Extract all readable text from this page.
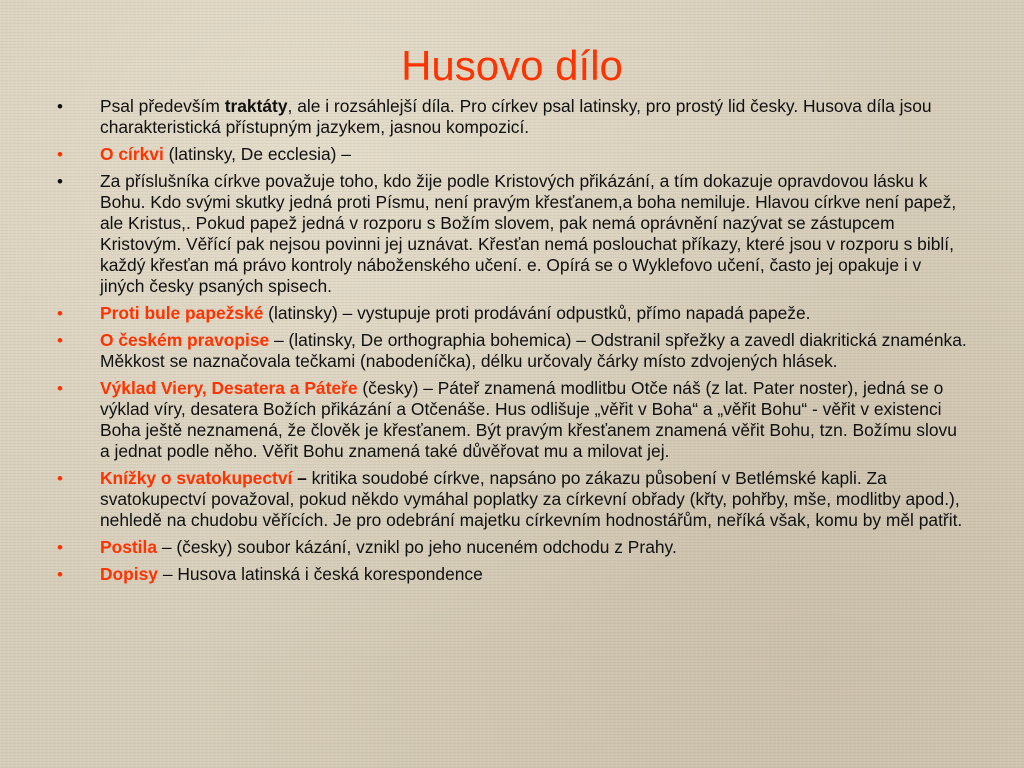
Husovo dílo
• Psal především traktáty, ale i rozsáhlejší díla. Pro církev psal latinsky, pro prostý lid česky. Husova díla jsou charakteristická přístupným jazykem, jasnou kompozicí.
• O církvi (latinsky, De ecclesia) –
• Za příslušníka církve považuje toho, kdo žije podle Kristových přikázání, a tím dokazuje opravdovou lásku k Bohu. Kdo svými skutky jedná proti Písmu, není pravým křesťanem,a boha nemiluje. Hlavou církve není papež, ale Kristus,. Pokud papež jedná v rozporu s Božím slovem, pak nemá oprávnění nazývat se zástupcem Kristovým. Věřící pak nejsou povinni jej uznávat. Křesťan nemá poslouchat příkazy, které jsou v rozporu s biblí, každý křesťan má právo kontroly náboženského učení. e. Opírá se o Wyklefovo učení, často jej opakuje i v jiných česky psaných spisech.
• Proti bule papežské (latinsky) – vystupuje proti prodávání odpustků, přímo napadá papeže.
• O českém pravopise – (latinsky, De orthographia bohemica) – Odstranil spřežky a zavedl diakritická znaménka. Měkkost se naznačovala tečkami (nabodeníčka), délku určovaly čárky místo zdvojených hlásek.
• Výklad Viery, Desatera a Páteře (česky) – Páteř znamená modlitbu Otče náš (z lat. Pater noster), jedná se o výklad víry, desatera Božích přikázání a Otčenáše. Hus odlišuje „věřit v Boha“ a „věřit Bohu“ - věřit v existenci Boha ještě neznamená, že člověk je křesťanem. Být pravým křesťanem znamená věřit Bohu, tzn. Božímu slovu a jednat podle něho. Věřit Bohu znamená také důvěřovat mu a milovat jej.
• Knížky o svatokupectví – kritika soudobé církve, napsáno po zákazu působení v Betlémské kapli. Za svatokupectví považoval, pokud někdo vymáhal poplatky za církevní obřady (křty, pohřby, mše, modlitby apod.), nehledě na chudobu věřících. Je pro odebrání majetku církevním hodnostářům, neříká však, komu by měl patřit.
• Postila – (česky) soubor kázání, vznikl po jeho nuceném odchodu z Prahy.
• Dopisy – Husova latinská i česká korespondence
